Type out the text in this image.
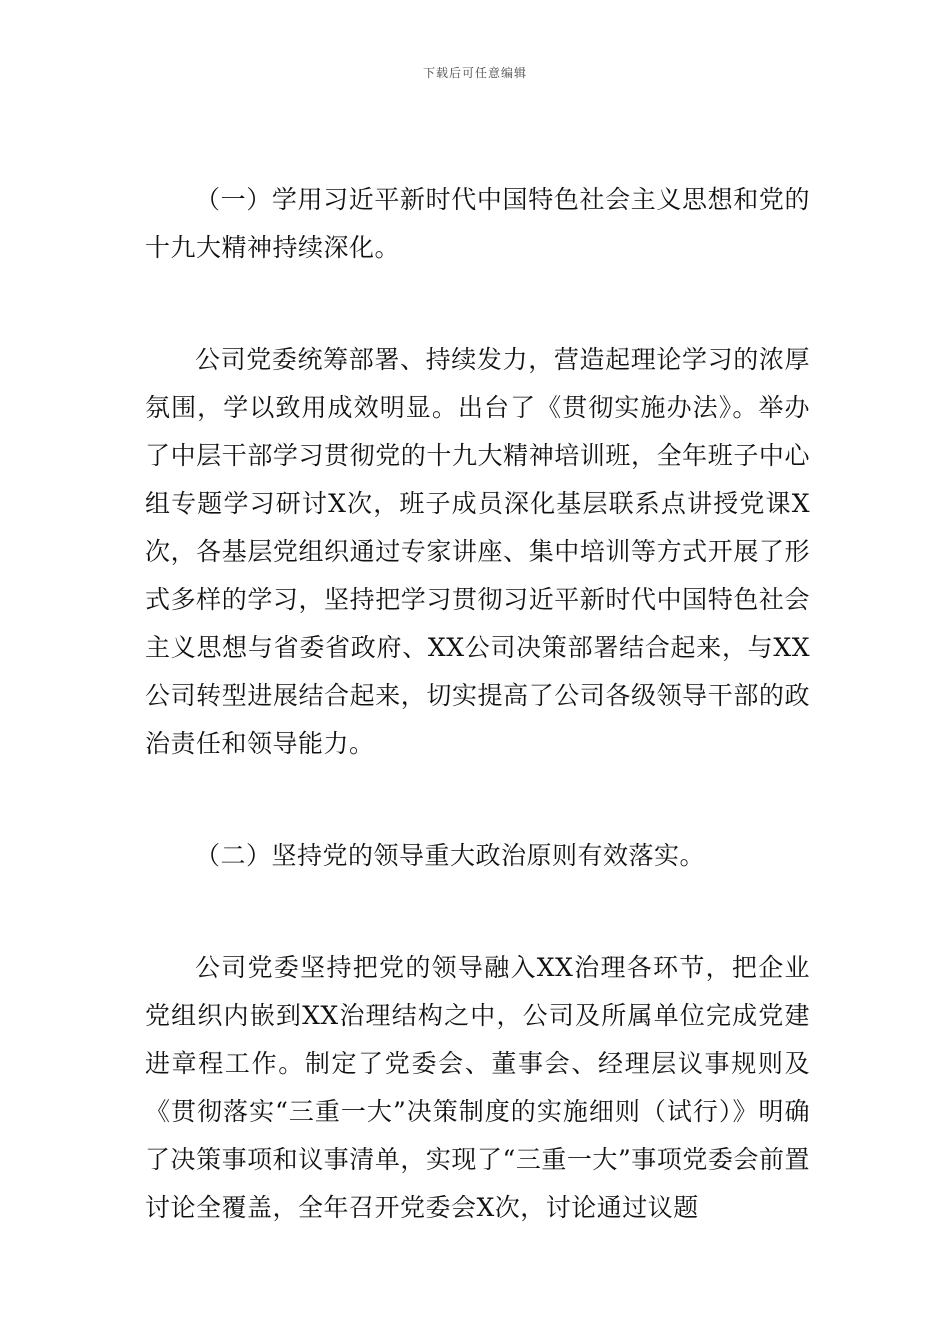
下载后可任意编辑

（一）学用习近平新时代中国特色社会主义思想和党的十九大精神持续深化。

公司党委统筹部署、持续发力，营造起理论学习的浓厚氛围，学以致用成效明显。出台了《贯彻实施办法》。举办了中层干部学习贯彻党的十九大精神培训班，全年班子中心组专题学习研讨X次，班子成员深化基层联系点讲授党课X次，各基层党组织通过专家讲座、集中培训等方式开展了形式多样的学习，坚持把学习贯彻习近平新时代中国特色社会主义思想与省委省政府、XX公司决策部署结合起来，与XX公司转型进展结合起来，切实提高了公司各级领导干部的政治责任和领导能力。

（二）坚持党的领导重大政治原则有效落实。

公司党委坚持把党的领导融入XX治理各环节，把企业党组织内嵌到XX治理结构之中，公司及所属单位完成党建进章程工作。制定了党委会、董事会、经理层议事规则及《贯彻落实“三重一大”决策制度的实施细则（试行）》明确了决策事项和议事清单，实现了“三重一大”事项党委会前置讨论全覆盖，全年召开党委会X次，讨论通过议题
